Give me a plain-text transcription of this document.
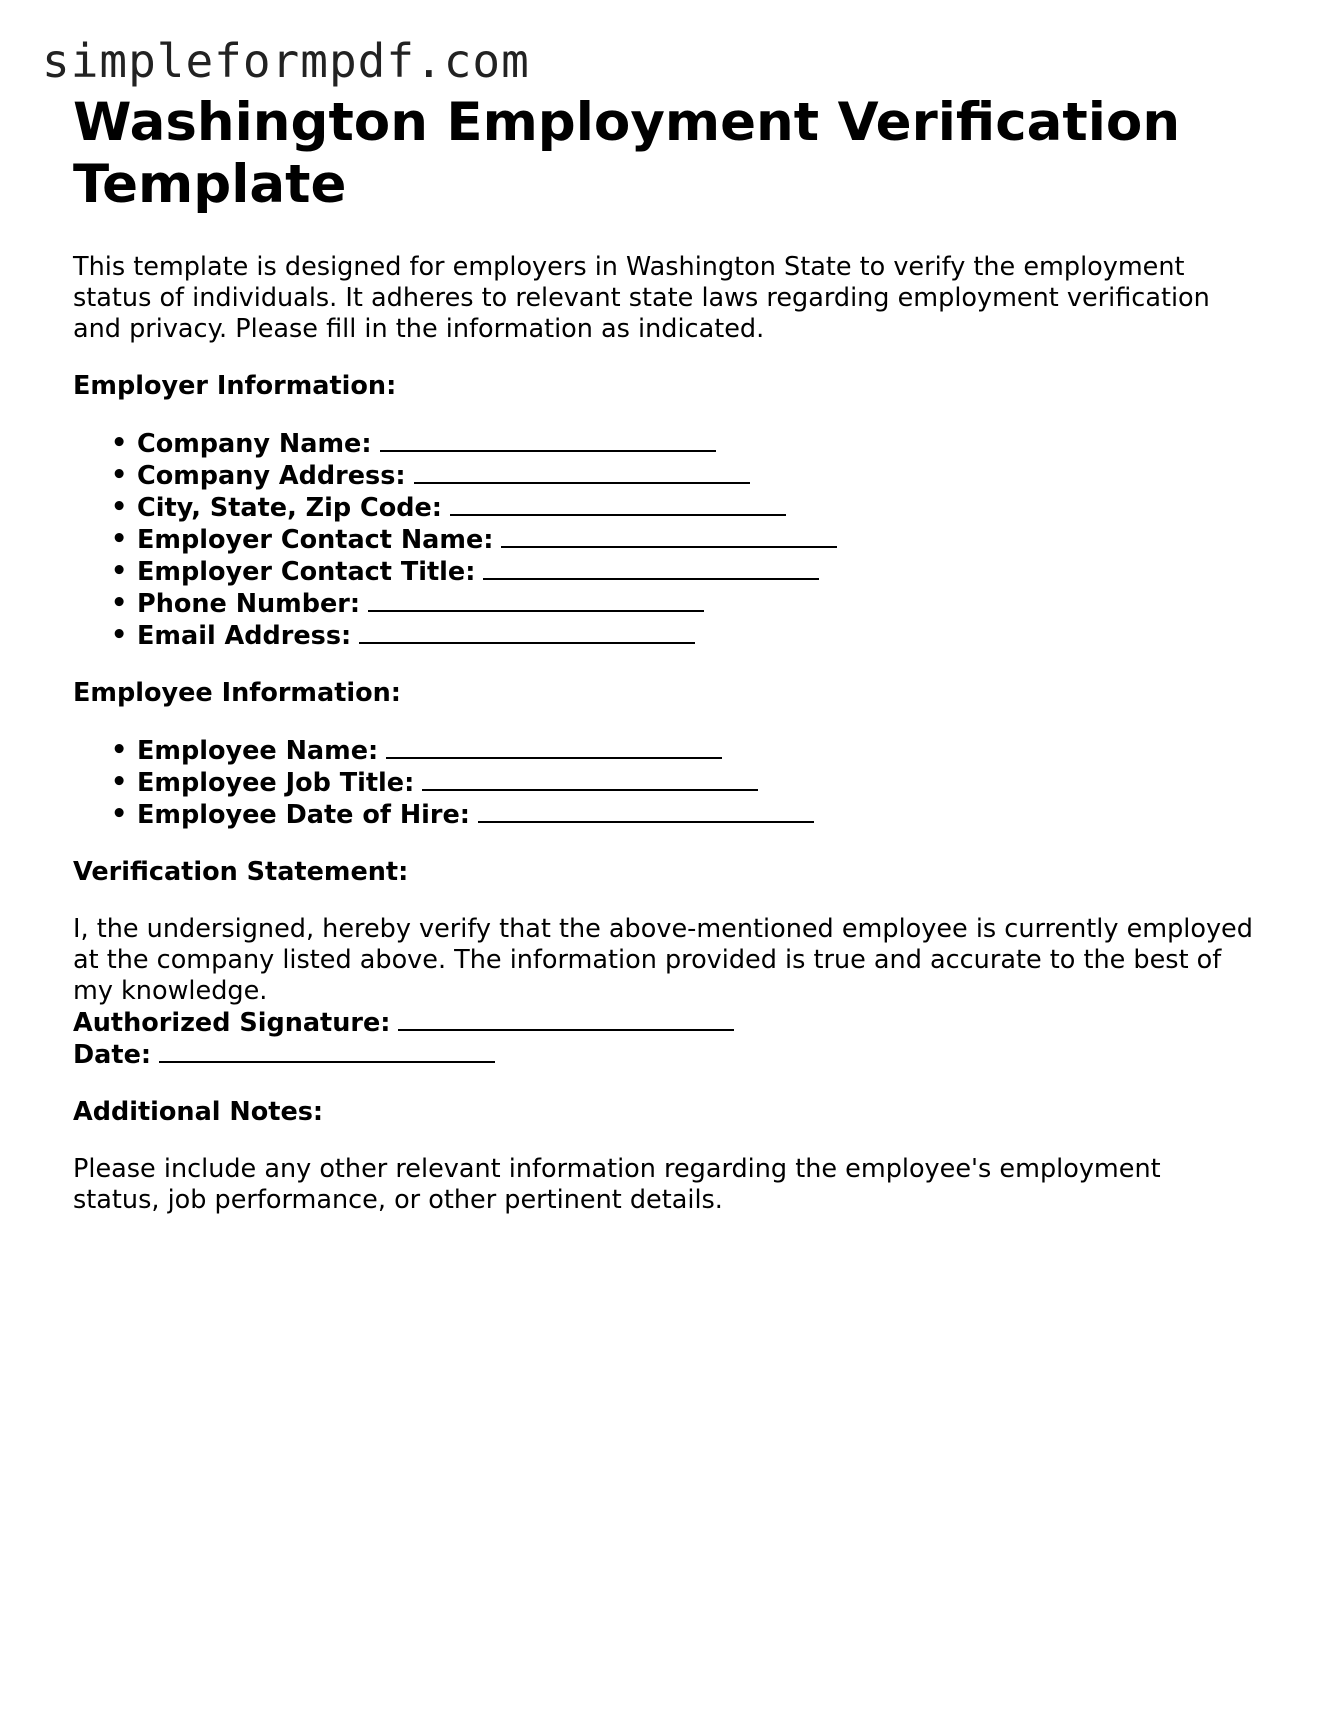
simpleformpdf.com
Washington Employment Verification Template

This template is designed for employers in Washington State to verify the employment status of individuals. It adheres to relevant state laws regarding employment verification and privacy. Please fill in the information as indicated.

Employer Information:

• Company Name:
• Company Address:
• City, State, Zip Code:
• Employer Contact Name:
• Employer Contact Title:
• Phone Number:
• Email Address:

Employee Information:

• Employee Name:
• Employee Job Title:
• Employee Date of Hire:

Verification Statement:

I, the undersigned, hereby verify that the above-mentioned employee is currently employed at the company listed above. The information provided is true and accurate to the best of my knowledge.

Authorized Signature:

Date:

Additional Notes:

Please include any other relevant information regarding the employee's employment status, job performance, or other pertinent details.
